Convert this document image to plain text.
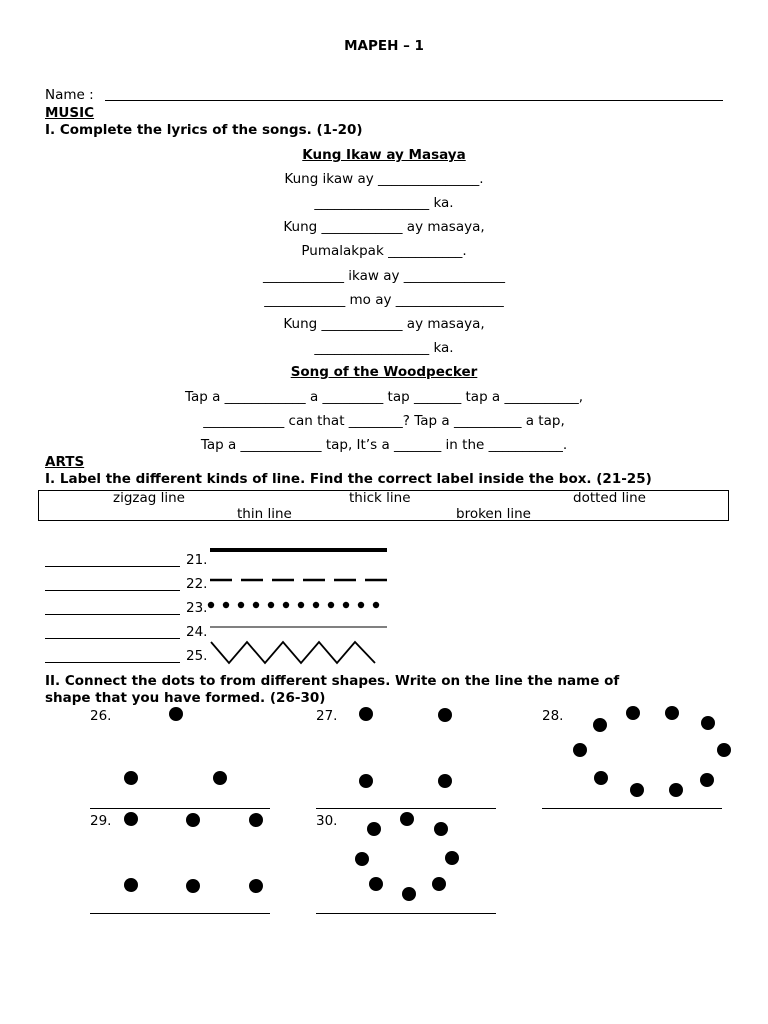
MAPEH – 1
Name :
MUSIC
I. Complete the lyrics of the songs. (1-20)
Kung Ikaw ay Masaya
Kung ikaw ay _______________.
_________________ ka.
Kung ____________ ay masaya,
Pumalakpak ___________.
____________ ikaw ay _______________
____________ mo ay ________________
Kung ____________ ay masaya,
_________________ ka.
Song of the Woodpecker
Tap a ____________ a _________ tap _______ tap a ___________,
____________ can that ________? Tap a __________ a tap,
Tap a ____________ tap, It’s a _______ in the ___________.
ARTS
I. Label the different kinds of line. Find the correct label inside the box. (21-25)
zigzag line	thick line	dotted line
thin line	broken line
21.
22.
23.
24.
25.
II. Connect the dots to from different shapes. Write on the line the name of
shape that you have formed. (26-30)
26.	27.	28.
29.	30.
